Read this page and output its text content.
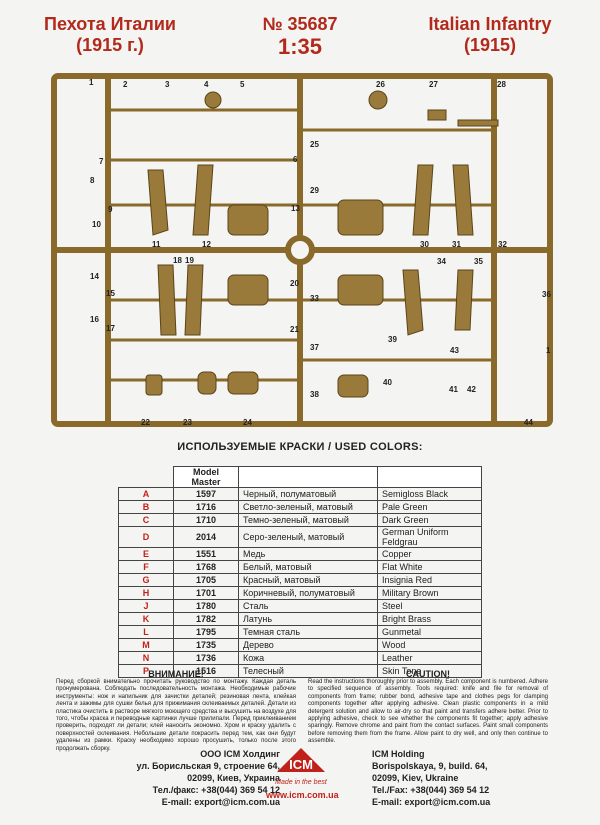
Пехота Италии
(1915 г.)
№ 35687
1:35
Italian Infantry
(1915)
1	2	3	4	5
6
7
8
9
10
11	12
13
14
15
16
17
18 19
20
21
22	23	24
25
26	27	28
29
30	31	32
33
34	35
36
37
38
39
40
41 42
43
44
1
ИСПОЛЬЗУЕМЫЕ КРАСКИ / USED COLORS:
	Model Master		
A	1597	Черный, полуматовый	Semigloss Black
B	1716	Светло-зеленый, матовый	Pale Green
C	1710	Темно-зеленый, матовый	Dark Green
D	2014	Серо-зеленый, матовый	German Uniform Feldgrau
E	1551	Медь	Copper
F	1768	Белый, матовый	Flat White
G	1705	Красный, матовый	Insignia Red
H	1701	Коричневый, полуматовый	Military Brown
J	1780	Сталь	Steel
K	1782	Латунь	Bright Brass
L	1795	Темная сталь	Gunmetal
M	1735	Дерево	Wood
N	1736	Кожа	Leather
P	1516	Телесный	Skin Tone
ВНИМАНИЕ!
Перед сборкой внимательно прочитать руководство по монтажу. Каждая деталь пронумерована. Соблюдать последовательность монтажа. Необходимые рабочие инструменты: нож и напильник для зачистки деталей; резиновая лента, клейкая лента и зажимы для сушки белья для прижимания склеиваемых деталей. Детали из пластика очистить в растворе мягкого моющего средства и высушить на воздухе для того, чтобы краска и переводные картинки лучше прилипали. Перед приклеиванием проверить, подходят ли детали; клей наносить экономно. Хром и краску удалить с поверхностей склеивания. Небольшие детали покрасить перед тем, как они будут удалены из рамки. Краску необходимо хорошо просушить, только после этого продолжать сборку.
CAUTION!
Read the instructions thoroughly prior to assembly. Each component is numbered. Adhere to specified sequence of assembly. Tools required: knife and file for removal of components from frame; rubber bond, adhesive tape and clothes pegs for clamping components together after applying adhesive. Clean plastic components in a mild detergent solution and allow to air-dry so that paint and transfers adhere better. Prior to applying adhesive, check to see whether the components fit together; apply adhesive sparingly. Remove chrome and paint from the contact surfaces. Paint small components before removing them from the frame. Allow paint to dry well, and only then continue to assemble.
ООО ICM Холдинг
ул. Борисльская 9, строение 64,
02099, Киев, Украина
Тел./факс: +38(044) 369 54 12
E-mail: export@icm.com.ua
ICM
Made in the best
www.icm.com.ua
ICM Holding
Borispolskaya, 9, build. 64,
02099, Kiev, Ukraine
Tel./Fax: +38(044) 369 54 12
E-mail: export@icm.com.ua
